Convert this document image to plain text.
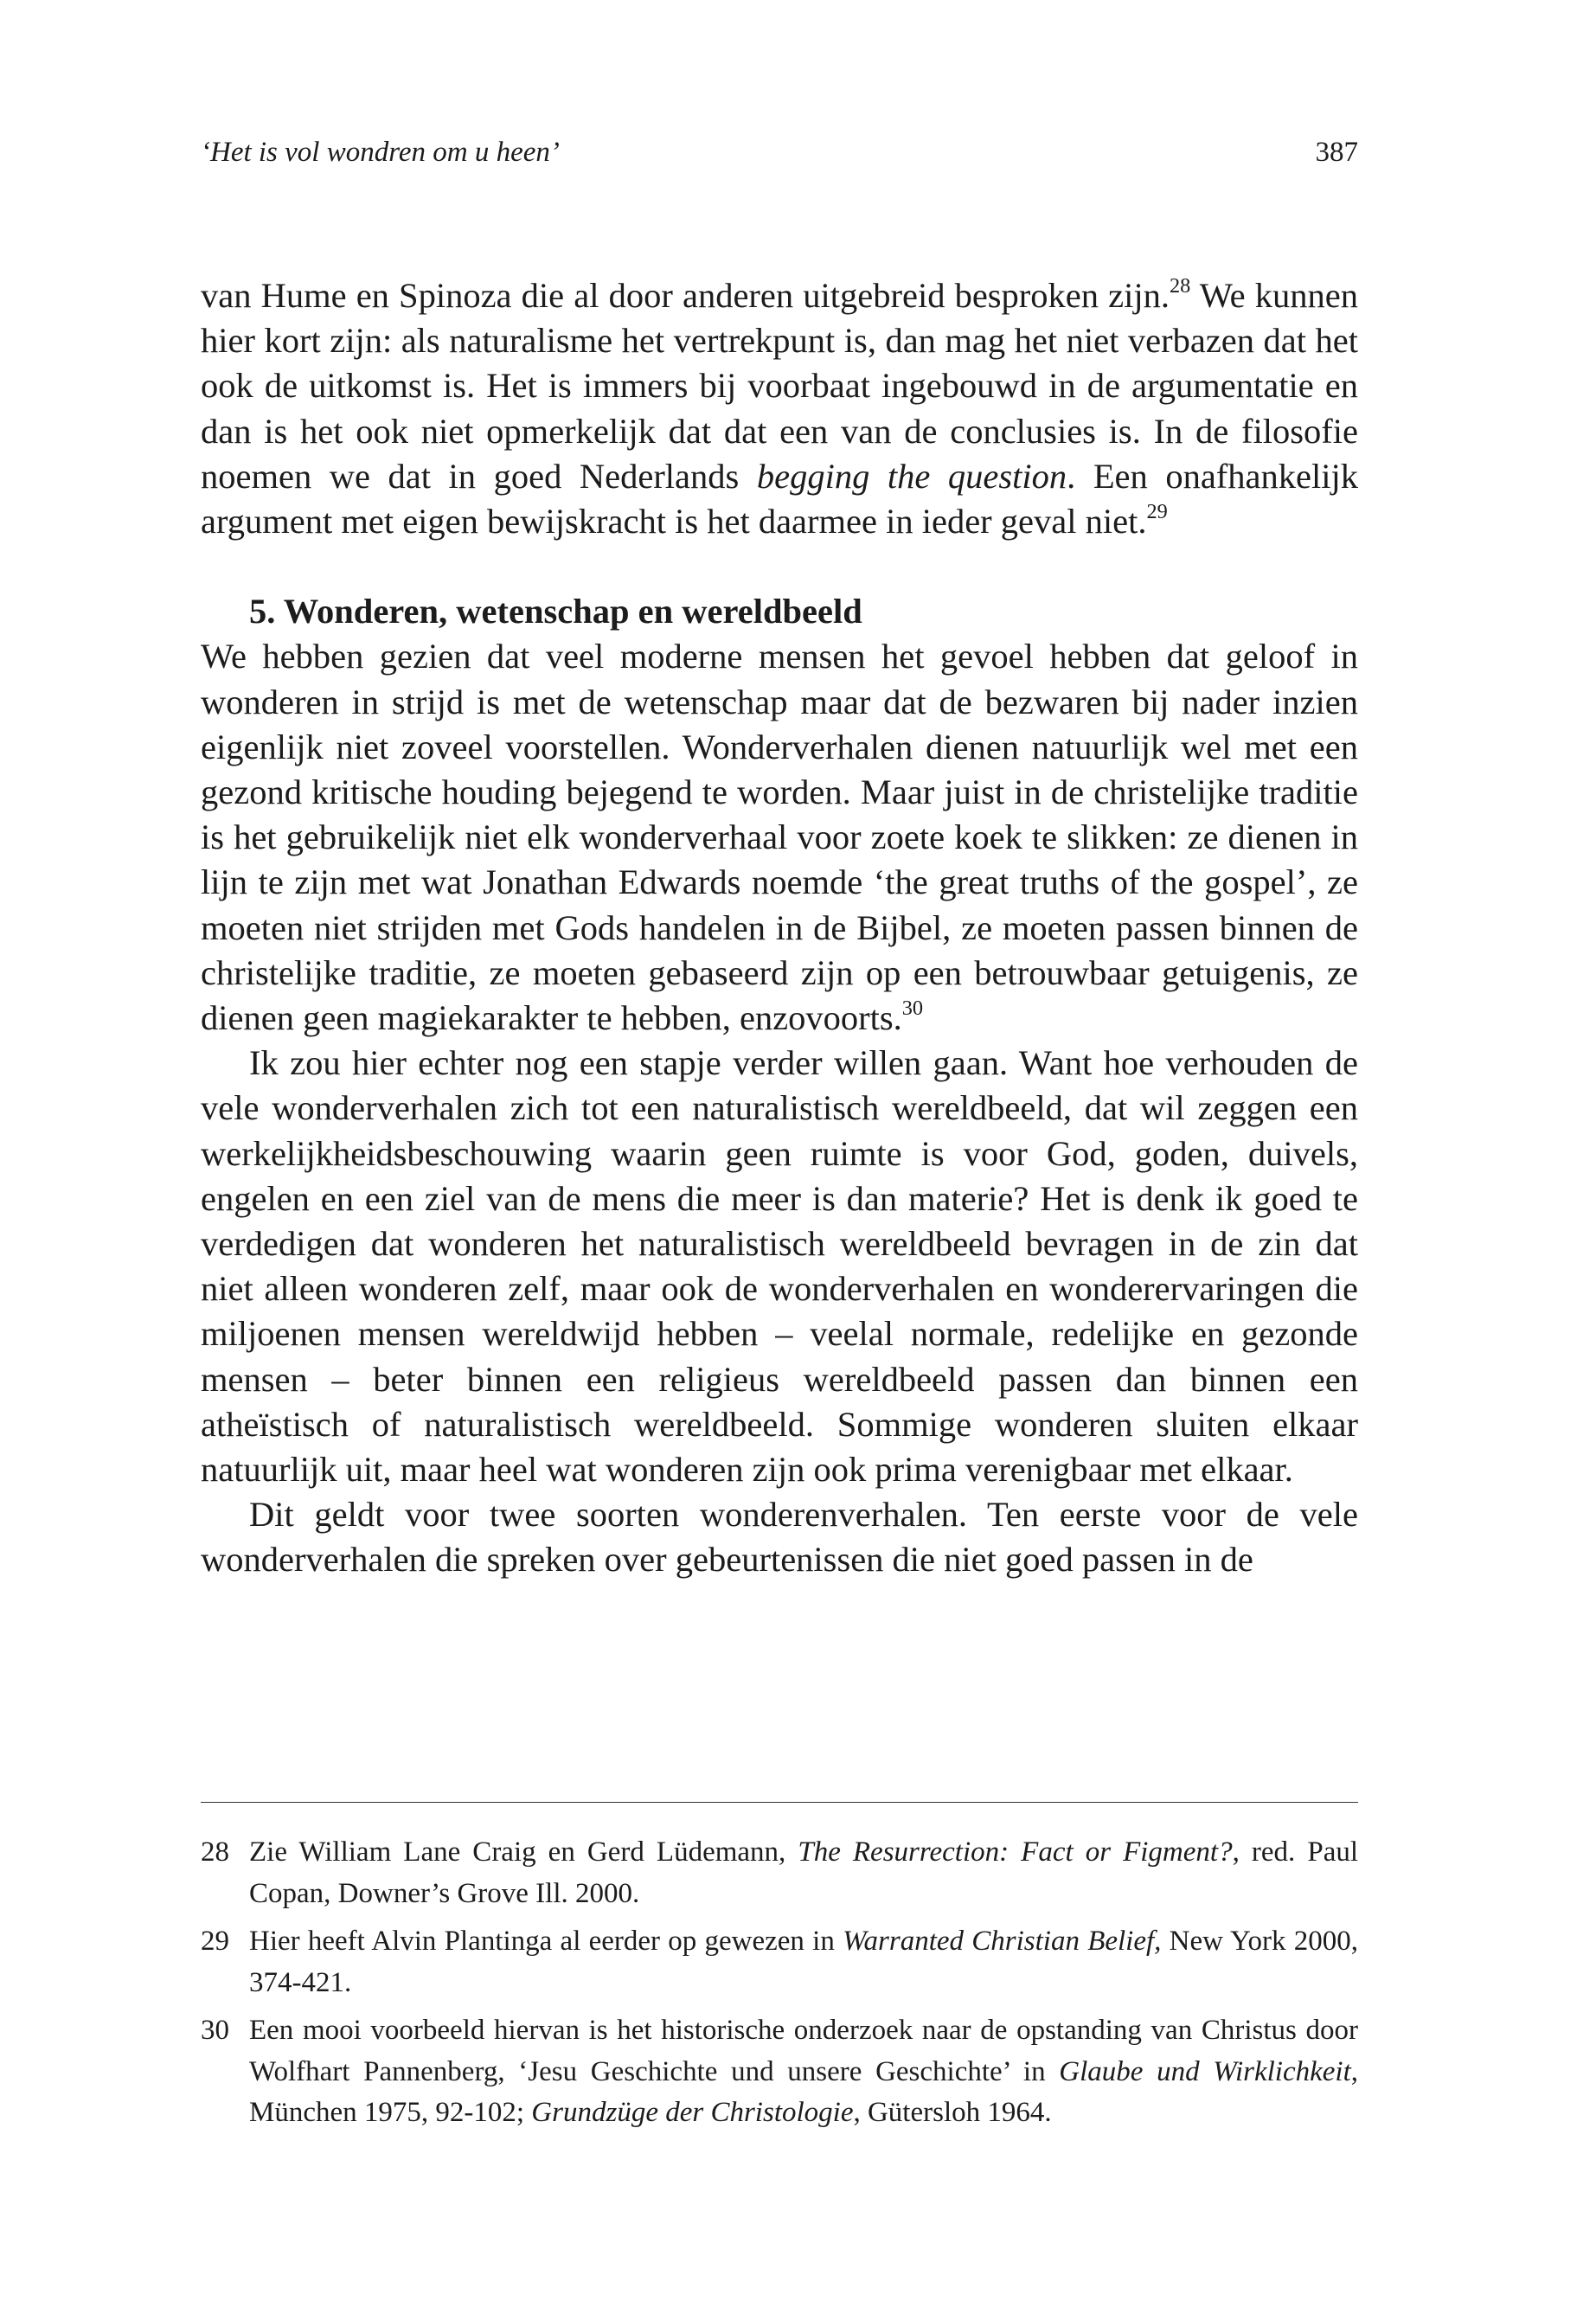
‘Het is vol wondren om u heen’	387

van Hume en Spinoza die al door anderen uitgebreid besproken zijn.$^{28}$ We kunnen hier kort zijn: als naturalisme het vertrekpunt is, dan mag het niet verbazen dat het ook de uitkomst is. Het is immers bij voorbaat ingebouwd in de argumentatie en dan is het ook niet opmerkelijk dat dat een van de conclusies is. In de filosofie noemen we dat in goed Nederlands begging the question. Een onafhankelijk argument met eigen bewijskracht is het daarmee in ieder geval niet.$^{29}$

5. Wonderen, wetenschap en wereldbeeld

We hebben gezien dat veel moderne mensen het gevoel hebben dat geloof in wonderen in strijd is met de wetenschap maar dat de bezwaren bij nader inzien eigenlijk niet zoveel voorstellen. Wonderverhalen dienen natuurlijk wel met een gezond kritische houding bejegend te worden. Maar juist in de christelijke traditie is het gebruikelijk niet elk wonderverhaal voor zoete koek te slikken: ze dienen in lijn te zijn met wat Jonathan Edwards noemde ‘the great truths of the gospel’, ze moeten niet strijden met Gods handelen in de Bijbel, ze moeten passen binnen de christelijke traditie, ze moeten gebaseerd zijn op een betrouwbaar getuigenis, ze dienen geen magiekarakter te hebben, enzovoorts.$^{30}$

Ik zou hier echter nog een stapje verder willen gaan. Want hoe verhouden de vele wonderverhalen zich tot een naturalistisch wereldbeeld, dat wil zeggen een werkelijkheidsbeschouwing waarin geen ruimte is voor God, goden, duivels, engelen en een ziel van de mens die meer is dan materie? Het is denk ik goed te verdedigen dat wonderen het naturalistisch wereldbeeld bevragen in de zin dat niet alleen wonderen zelf, maar ook de wonderverhalen en wonderervaringen die miljoenen mensen wereldwijd hebben – veelal normale, redelijke en gezonde mensen – beter binnen een religieus wereldbeeld passen dan binnen een atheïstisch of naturalistisch wereldbeeld. Sommige wonderen sluiten elkaar natuurlijk uit, maar heel wat wonderen zijn ook prima verenigbaar met elkaar.

Dit geldt voor twee soorten wonderenverhalen. Ten eerste voor de vele wonderverhalen die spreken over gebeurtenissen die niet goed passen in de

28 Zie William Lane Craig en Gerd Lüdemann, The Resurrection: Fact or Figment?, red. Paul Copan, Downer’s Grove Ill. 2000.
29 Hier heeft Alvin Plantinga al eerder op gewezen in Warranted Christian Belief, New York 2000, 374-421.
30 Een mooi voorbeeld hiervan is het historische onderzoek naar de opstanding van Christus door Wolfhart Pannenberg, ‘Jesu Geschichte und unsere Geschichte’ in Glaube und Wirklichkeit, München 1975, 92-102; Grundzüge der Christologie, Gütersloh 1964.
